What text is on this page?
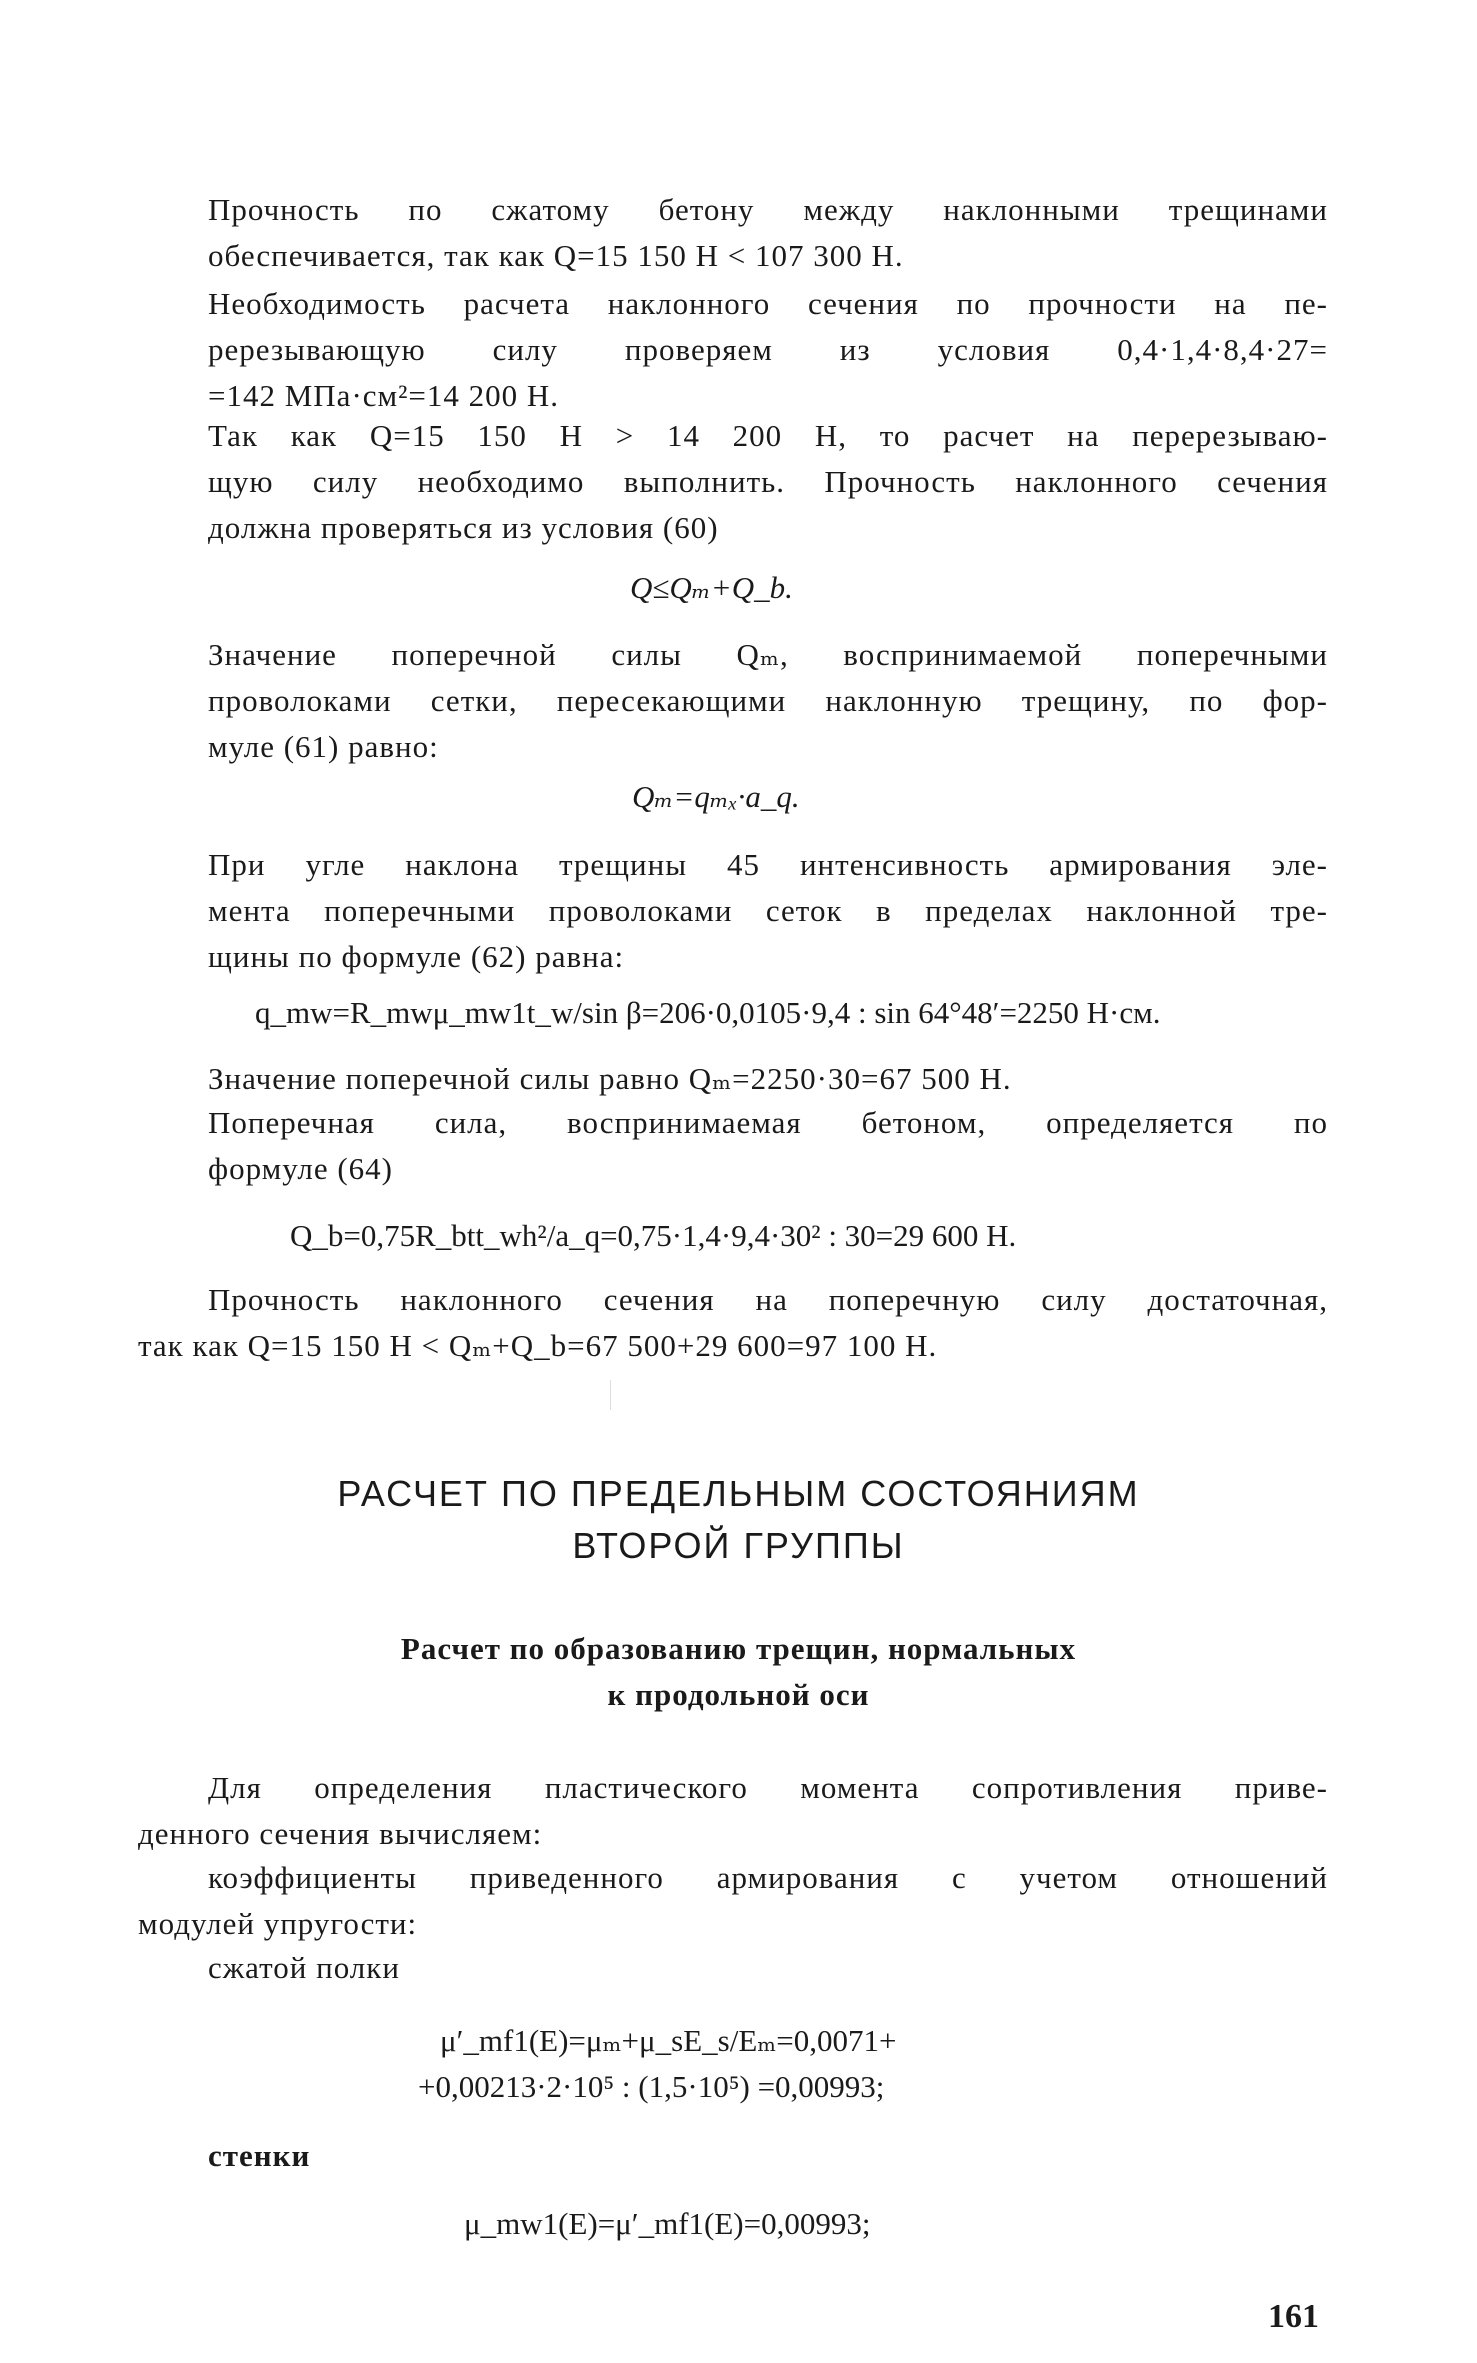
Прочность по сжатому бетону между наклонными трещинами
обеспечивается, так как Q=15 150 Н < 107 300 Н.
Необходимость расчета наклонного сечения по прочности на пе-
ререзывающую силу проверяем из условия 0,4·1,4·8,4·27=
=142 МПа·см²=14 200 Н.
Так как Q=15 150 Н > 14 200 Н, то расчет на перерезываю-
щую силу необходимо выполнить. Прочность наклонного сечения
должна проверяться из условия (60)
Q≤Qₘ+Q_b.
Значение поперечной силы Qₘ, воспринимаемой поперечными
проволоками сетки, пересекающими наклонную трещину, по фор-
муле (61) равно:
Qₘ=qₘₓ·a_q.
При угле наклона трещины 45 интенсивность армирования эле-
мента поперечными проволоками сеток в пределах наклонной тре-
щины по формуле (62) равна:
q_mw=R_mwμ_mw1t_w/sin β=206·0,0105·9,4 : sin 64°48′=2250 Н·см.
Значение поперечной силы равно Qₘ=2250·30=67 500 Н.
Поперечная сила, воспринимаемая бетоном, определяется по
формуле (64)
Q_b=0,75R_btt_wh²/a_q=0,75·1,4·9,4·30² : 30=29 600 Н.
Прочность наклонного сечения на поперечную силу достаточная,
так как Q=15 150 Н < Qₘ+Q_b=67 500+29 600=97 100 Н.
РАСЧЕТ ПО ПРЕДЕЛЬНЫМ СОСТОЯНИЯМ
ВТОРОЙ ГРУППЫ
Расчет по образованию трещин, нормальных
к продольной оси
Для определения пластического момента сопротивления приве-
денного сечения вычисляем:
коэффициенты приведенного армирования с учетом отношений
модулей упругости:
сжатой полки
μ′_mf1(E)=μₘ+μ_sE_s/Eₘ=0,0071+
+0,00213·2·10⁵ : (1,5·10⁵) =0,00993;
стенки
μ_mw1(E)=μ′_mf1(E)=0,00993;
161
